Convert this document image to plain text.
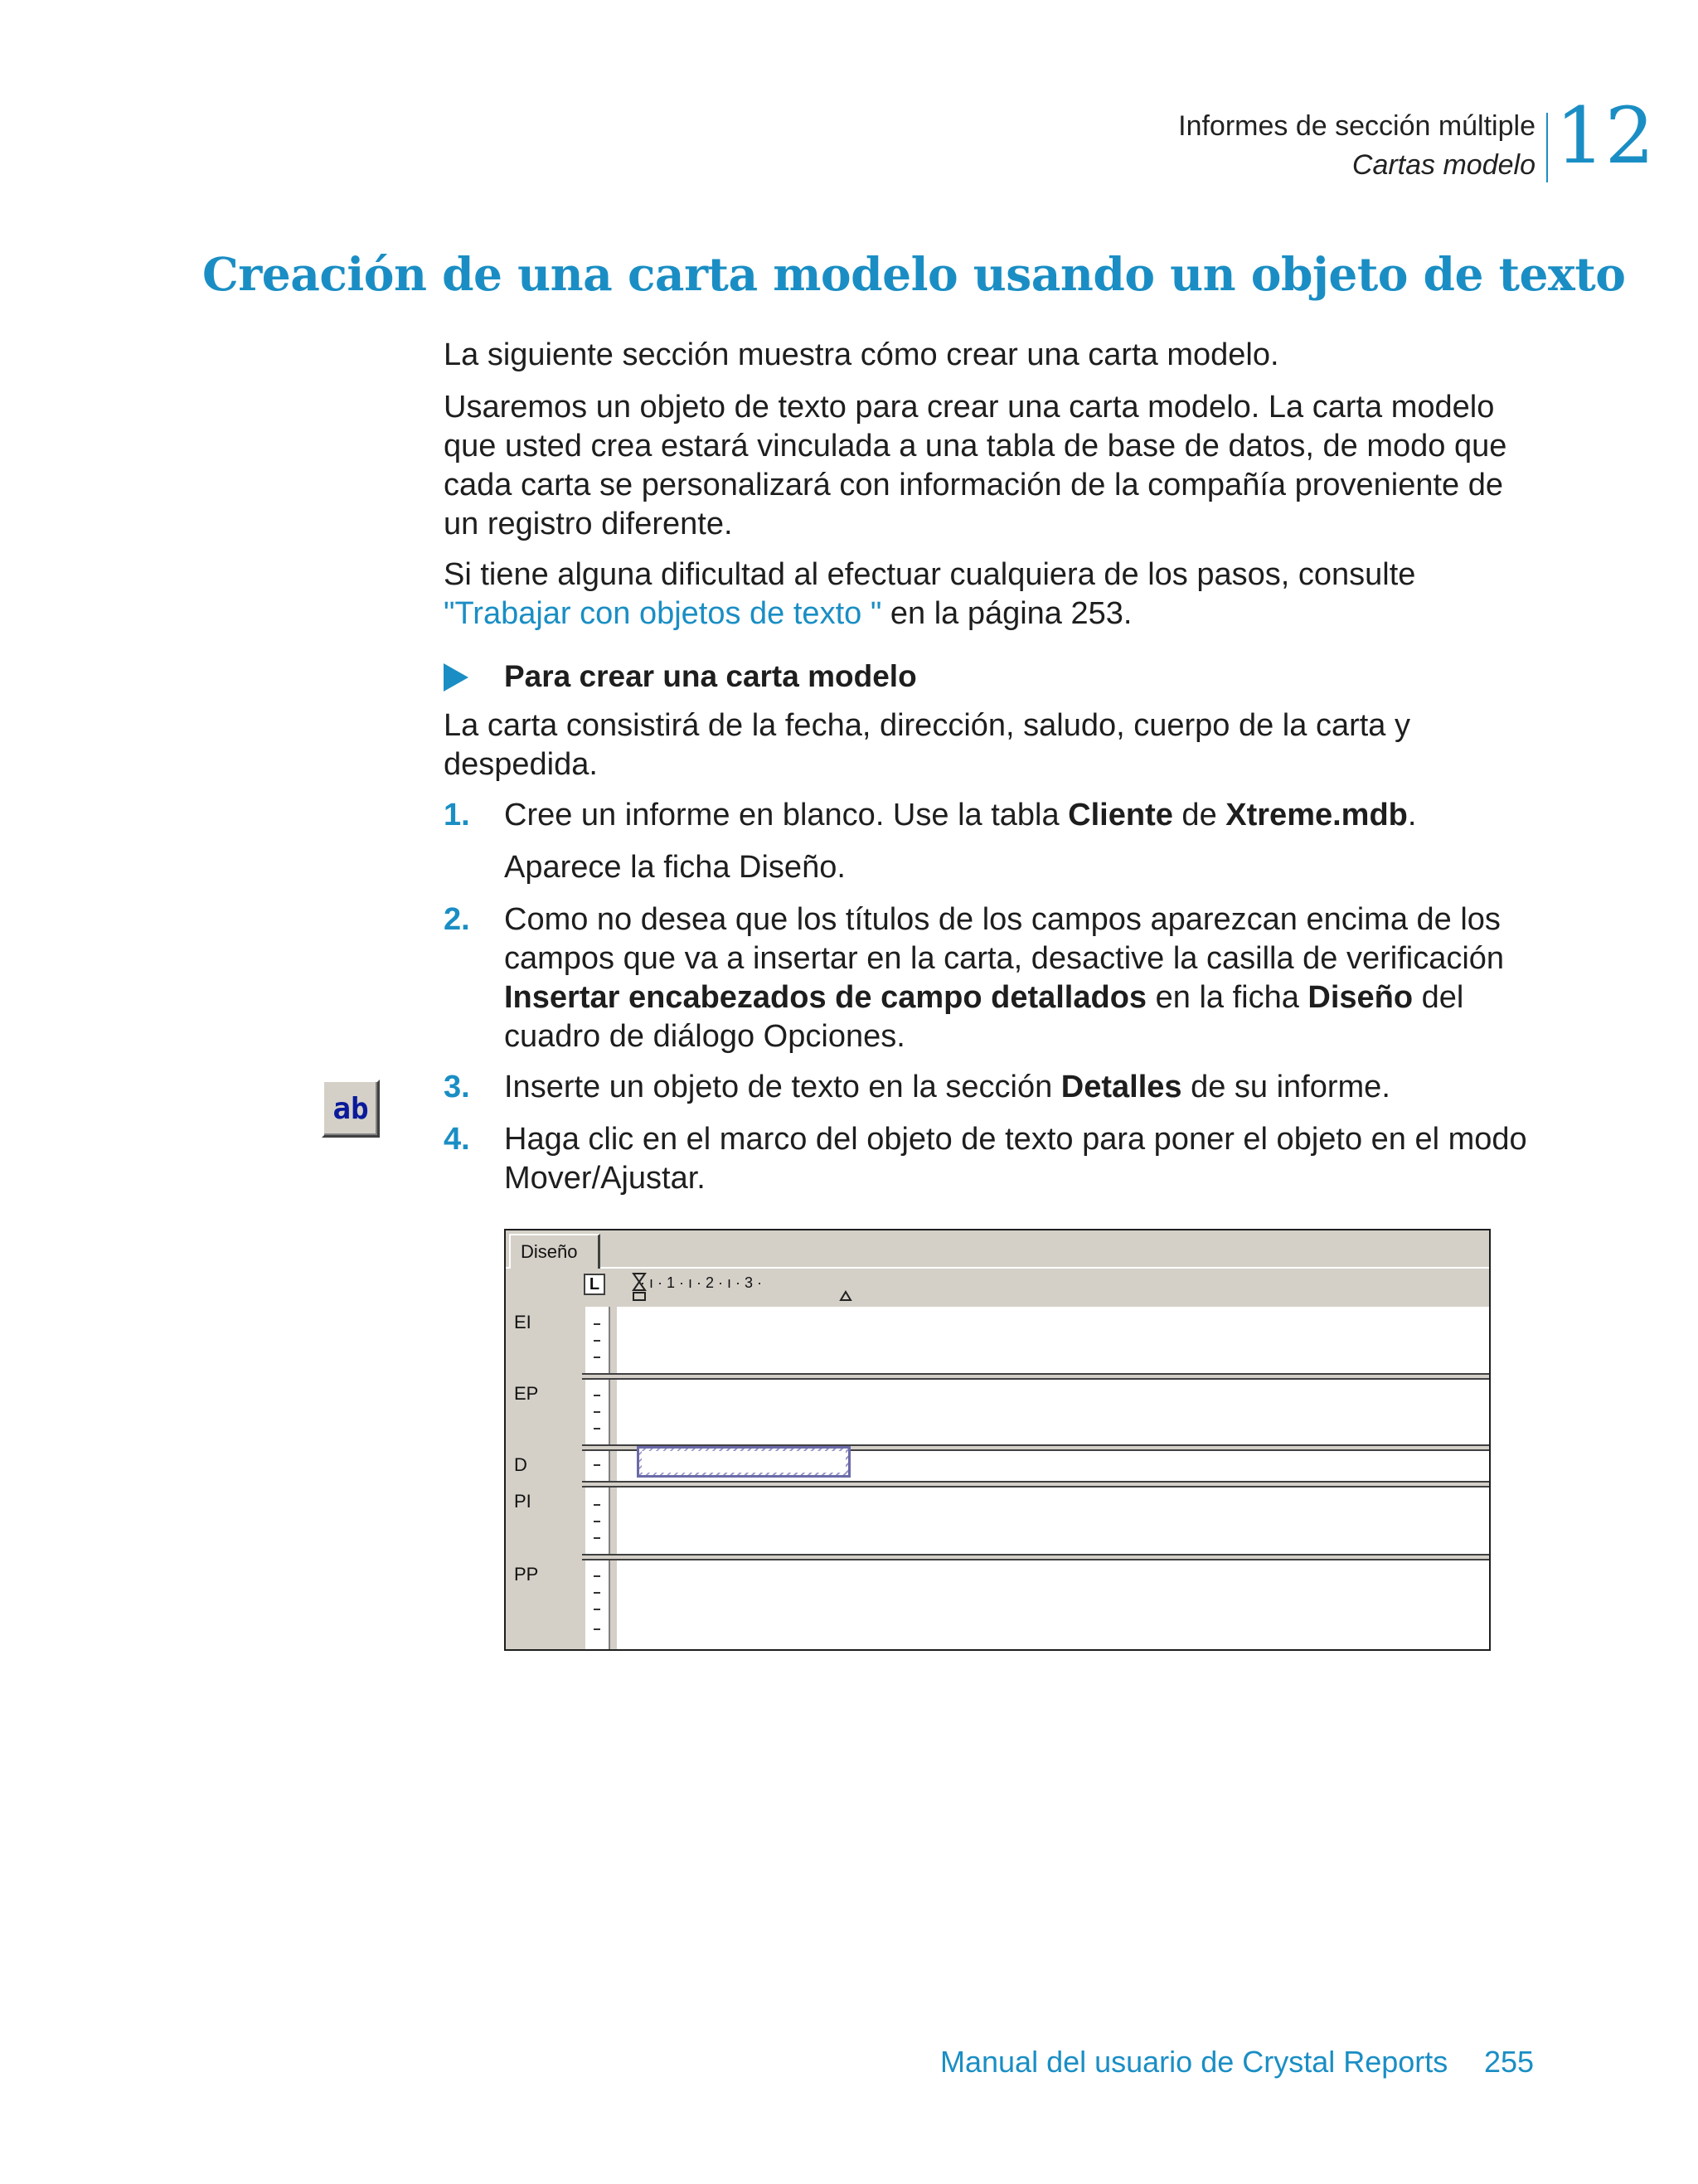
Informes de sección múltiple
Cartas modelo 12
Creación de una carta modelo usando un objeto de texto
La siguiente sección muestra cómo crear una carta modelo.
Usaremos un objeto de texto para crear una carta modelo. La carta modelo que usted crea estará vinculada a una tabla de base de datos, de modo que cada carta se personalizará con información de la compañía proveniente de un registro diferente.
Si tiene alguna dificultad al efectuar cualquiera de los pasos, consulte
"Trabajar con objetos de texto " en la página 253.
Para crear una carta modelo
La carta consistirá de la fecha, dirección, saludo, cuerpo de la carta y despedida.
1. Cree un informe en blanco. Use la tabla Cliente de Xtreme.mdb.
Aparece la ficha Diseño.
2. Como no desea que los títulos de los campos aparezcan encima de los campos que va a insertar en la carta, desactive la casilla de verificación Insertar encabezados de campo detallados en la ficha Diseño del cuadro de diálogo Opciones.
3. Inserte un objeto de texto en la sección Detalles de su informe.
4. Haga clic en el marco del objeto de texto para poner el objeto en el modo Mover/Ajustar.
ab
Diseño
L	·ı·1·ı·2·ı·3·
EI
EP
D
PI
PP
Manual del usuario de Crystal Reports 255
